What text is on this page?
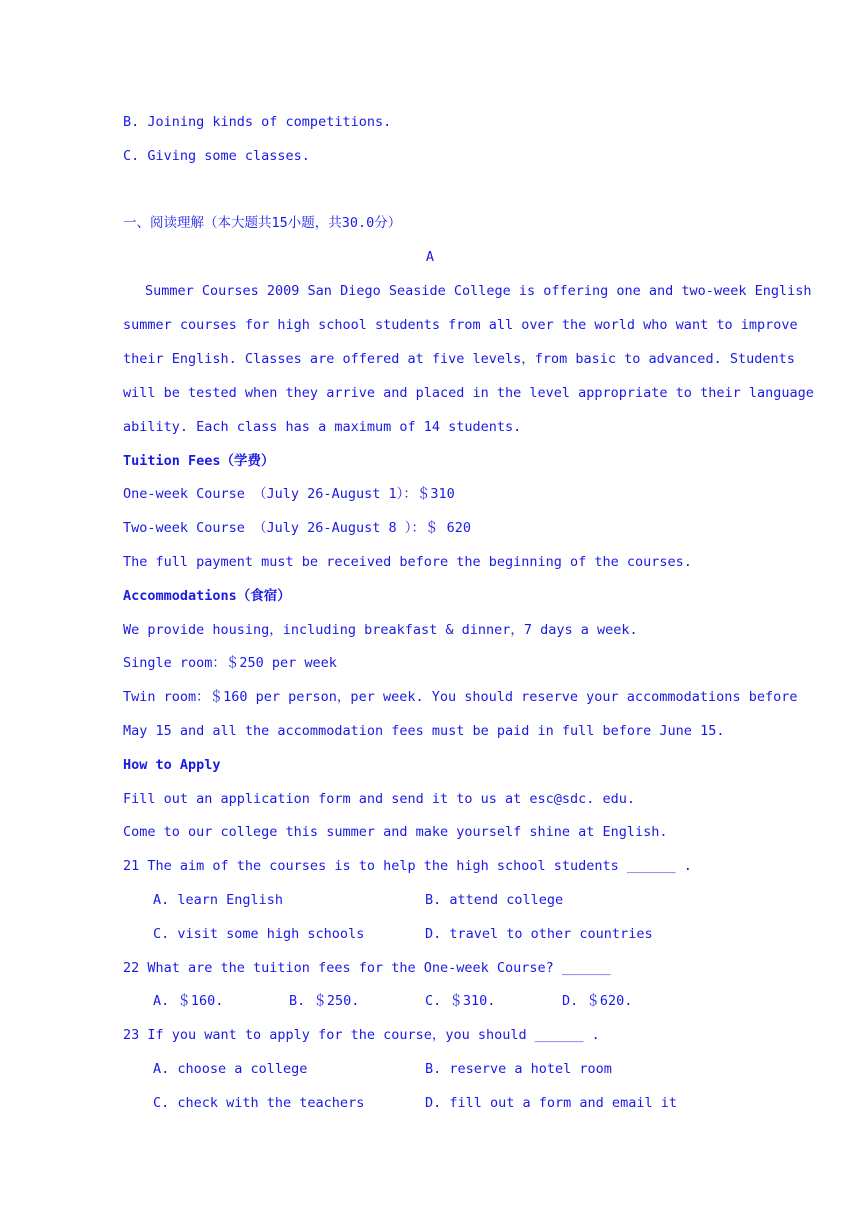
B. Joining kinds of competitions.
C. Giving some classes.
一、阅读理解（本大题共15小题，共30.0分）
A
Summer Courses 2009 San Diego Seaside College is offering one and two-week English
summer courses for high school students from all over the world who want to improve
their English. Classes are offered at five levels，from basic to advanced. Students
will be tested when they arrive and placed in the level appropriate to their language
ability. Each class has a maximum of 14 students.
Tuition Fees（学费）
One-week Course （July 26-August 1）：＄310
Two-week Course （July 26-August 8 ）：＄ 620
The full payment must be received before the beginning of the courses.
Accommodations（食宿）
We provide housing，including breakfast & dinner，7 days a week.
Single room：＄250 per week
Twin room：＄160 per person，per week. You should reserve your accommodations before
May 15 and all the accommodation fees must be paid in full before June 15.
How to Apply
Fill out an application form and send it to us at esc@sdc. edu.
Come to our college this summer and make yourself shine at English.
21 The aim of the courses is to help the high school students ______ .
A. learn English	B. attend college
C. visit some high schools	D. travel to other countries
22 What are the tuition fees for the One-week Course? ______
A. ＄160.	B. ＄250.	C. ＄310.	D. ＄620.
23 If you want to apply for the course，you should ______ .
A. choose a college	B. reserve a hotel room
C. check with the teachers	D. fill out a form and email it
